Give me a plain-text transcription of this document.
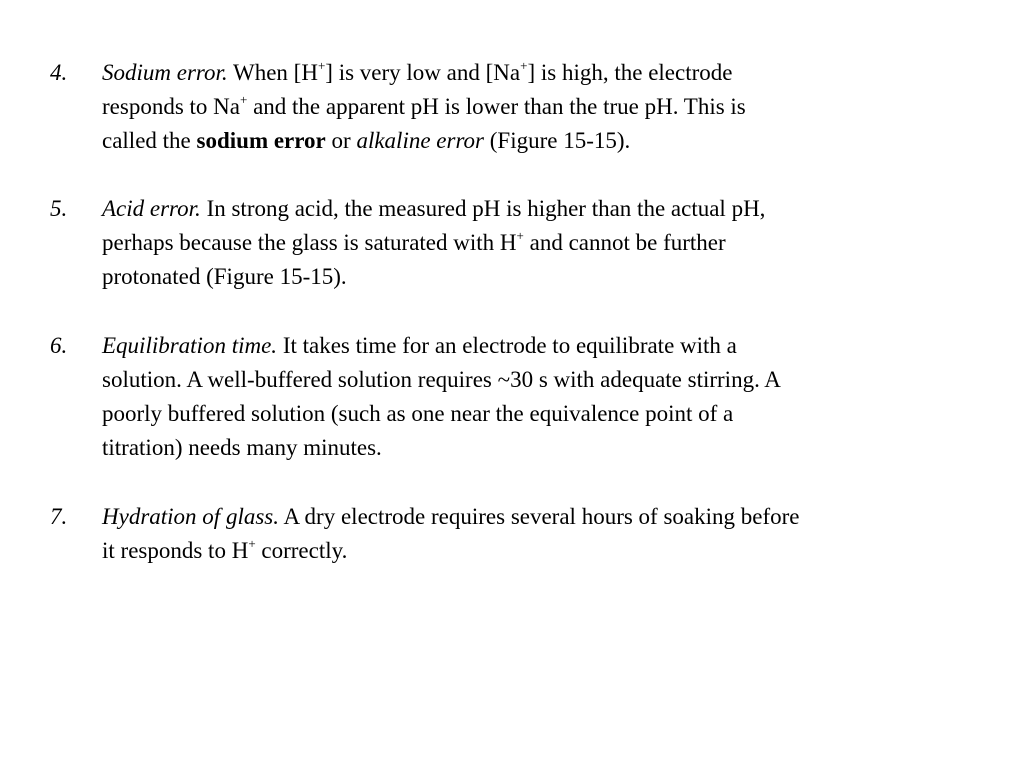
4. Sodium error. When [H+] is very low and [Na+] is high, the electrode
responds to Na+ and the apparent pH is lower than the true pH. This is
called the sodium error or alkaline error (Figure 15-15).
5. Acid error. In strong acid, the measured pH is higher than the actual pH,
perhaps because the glass is saturated with H+ and cannot be further
protonated (Figure 15-15).
6. Equilibration time. It takes time for an electrode to equilibrate with a
solution. A well-buffered solution requires ~30 s with adequate stirring. A
poorly buffered solution (such as one near the equivalence point of a
titration) needs many minutes.
7. Hydration of glass. A dry electrode requires several hours of soaking before
it responds to H+ correctly.
